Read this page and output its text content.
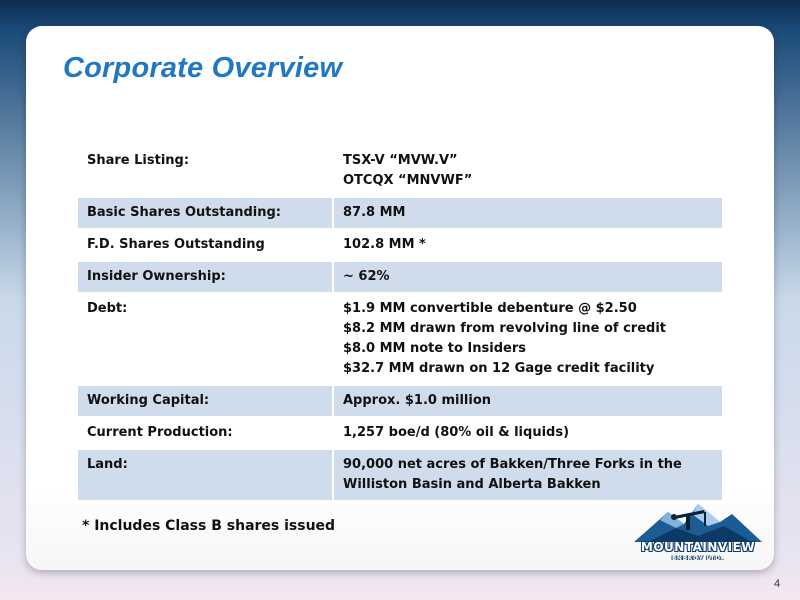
Corporate Overview
Share Listing:	TSX-V “MVW.V”
OTCQX “MNVWF”

Basic Shares Outstanding:	87.8 MM

F.D. Shares Outstanding	102.8 MM *

Insider Ownership:	~ 62%

Debt:	$1.9 MM convertible debenture @ $2.50
$8.2 MM drawn from revolving line of credit
$8.0 MM note to Insiders
$32.7 MM drawn on 12 Gage credit facility

Working Capital:	Approx. $1.0 million

Current Production:	1,257 boe/d (80% oil & liquids)

Land:	90,000 net acres of Bakken/Three Forks in the
Williston Basin and Alberta Bakken
* Includes Class B shares issued
MOUNTAINVIEW
ENERGY LTD.
4
